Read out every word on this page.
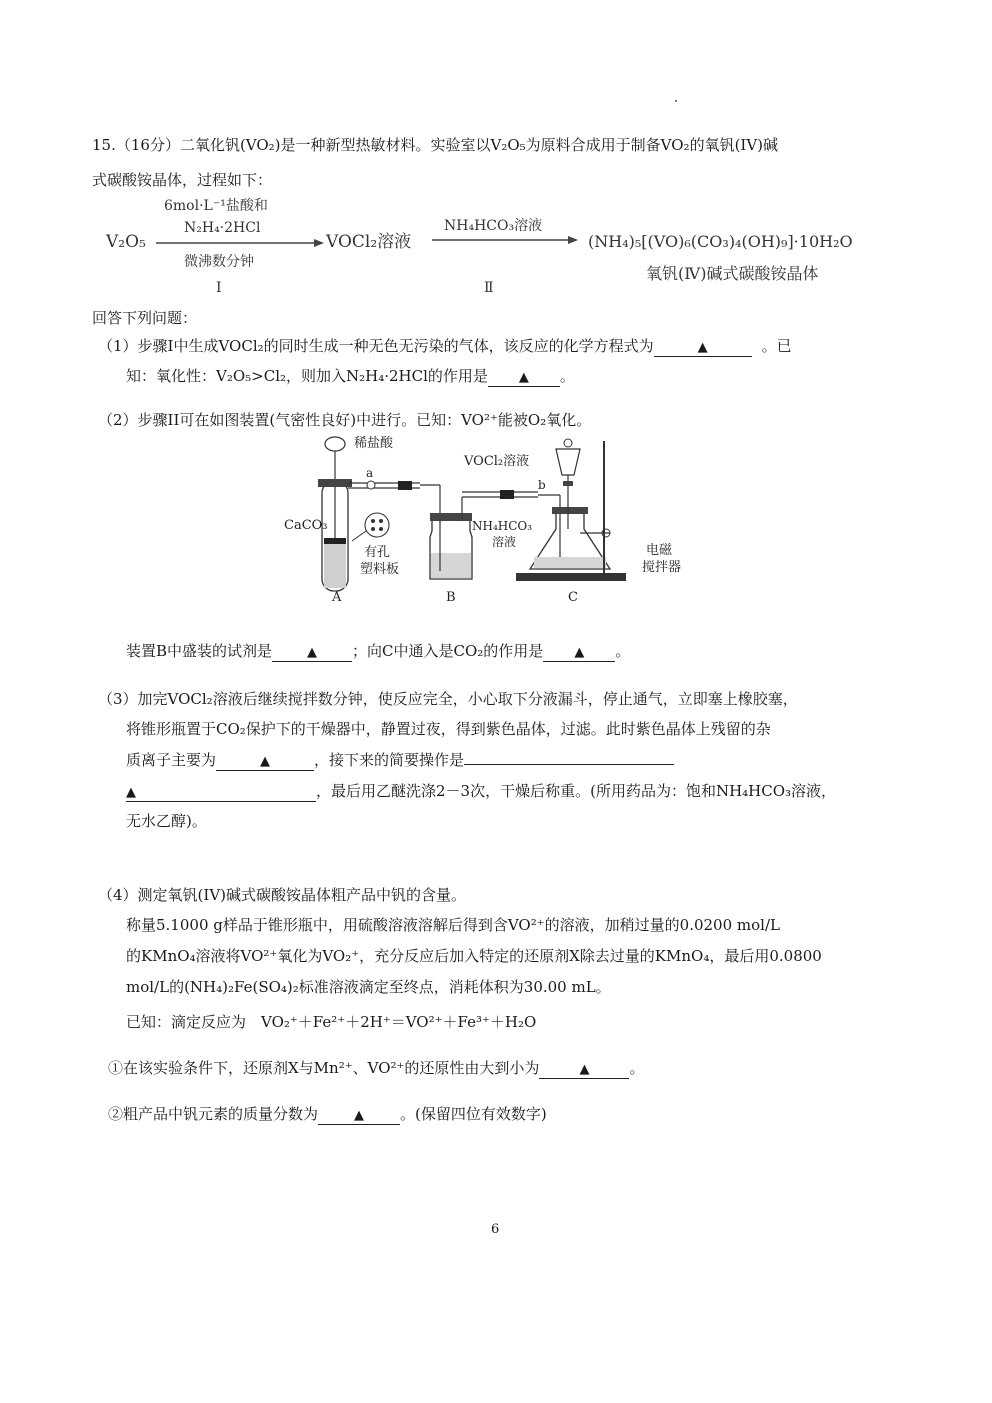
15.（16分）二氧化钒(VO₂)是一种新型热敏材料。实验室以V₂O₅为原料合成用于制备VO₂的氧钒(IV)碱
式碳酸铵晶体，过程如下：
V₂O₅
6mol·L⁻¹盐酸和
N₂H₄·2HCl
微沸数分钟
Ⅰ
VOCl₂溶液
NH₄HCO₃溶液
Ⅱ
(NH₄)₅[(VO)₆(CO₃)₄(OH)₉]·10H₂O
氧钒(Ⅳ)碱式碳酸铵晶体
回答下列问题：
（1）步骤I中生成VOCl₂的同时生成一种无色无污染的气体，该反应的化学方程式为	▲	。已
知：氧化性：V₂O₅>Cl₂，则加入N₂H₄·2HCl的作用是 ▲ 。
（2）步骤II可在如图装置(气密性良好)中进行。已知：VO²⁺能被O₂氧化。
稀盐酸
a
CaCO₃
有孔
塑料板
A	B
VOCl₂溶液
b
NH₄HCO₃
溶液
电磁
搅拌器
C
装置B中盛装的试剂是	▲ ；向C中通入是CO₂的作用是 ▲ 。
（3）加完VOCl₂溶液后继续搅拌数分钟，使反应完全，小心取下分液漏斗，停止通气，立即塞上橡胶塞，
将锥形瓶置于CO₂保护下的干燥器中，静置过夜，得到紫色晶体，过滤。此时紫色晶体上残留的杂
质离子主要为	▲	，接下来的简要操作是
▲	，最后用乙醚洗涤2－3次，干燥后称重。(所用药品为：饱和NH₄HCO₃溶液，
无水乙醇)。
（4）测定氧钒(IV)碱式碳酸铵晶体粗产品中钒的含量。
称量5.1000 g样品于锥形瓶中，用硫酸溶液溶解后得到含VO²⁺的溶液，加稍过量的0.0200 mol/L
的KMnO₄溶液将VO²⁺氧化为VO₂⁺，充分反应后加入特定的还原剂X除去过量的KMnO₄，最后用0.0800
mol/L的(NH₄)₂Fe(SO₄)₂标准溶液滴定至终点，消耗体积为30.00 mL。
已知：滴定反应为　VO₂⁺＋Fe²⁺＋2H⁺＝VO²⁺＋Fe³⁺＋H₂O
①在该实验条件下，还原剂X与Mn²⁺、VO²⁺的还原性由大到小为	▲	。
②粗产品中钒元素的质量分数为	▲ 。(保留四位有效数字)
6
